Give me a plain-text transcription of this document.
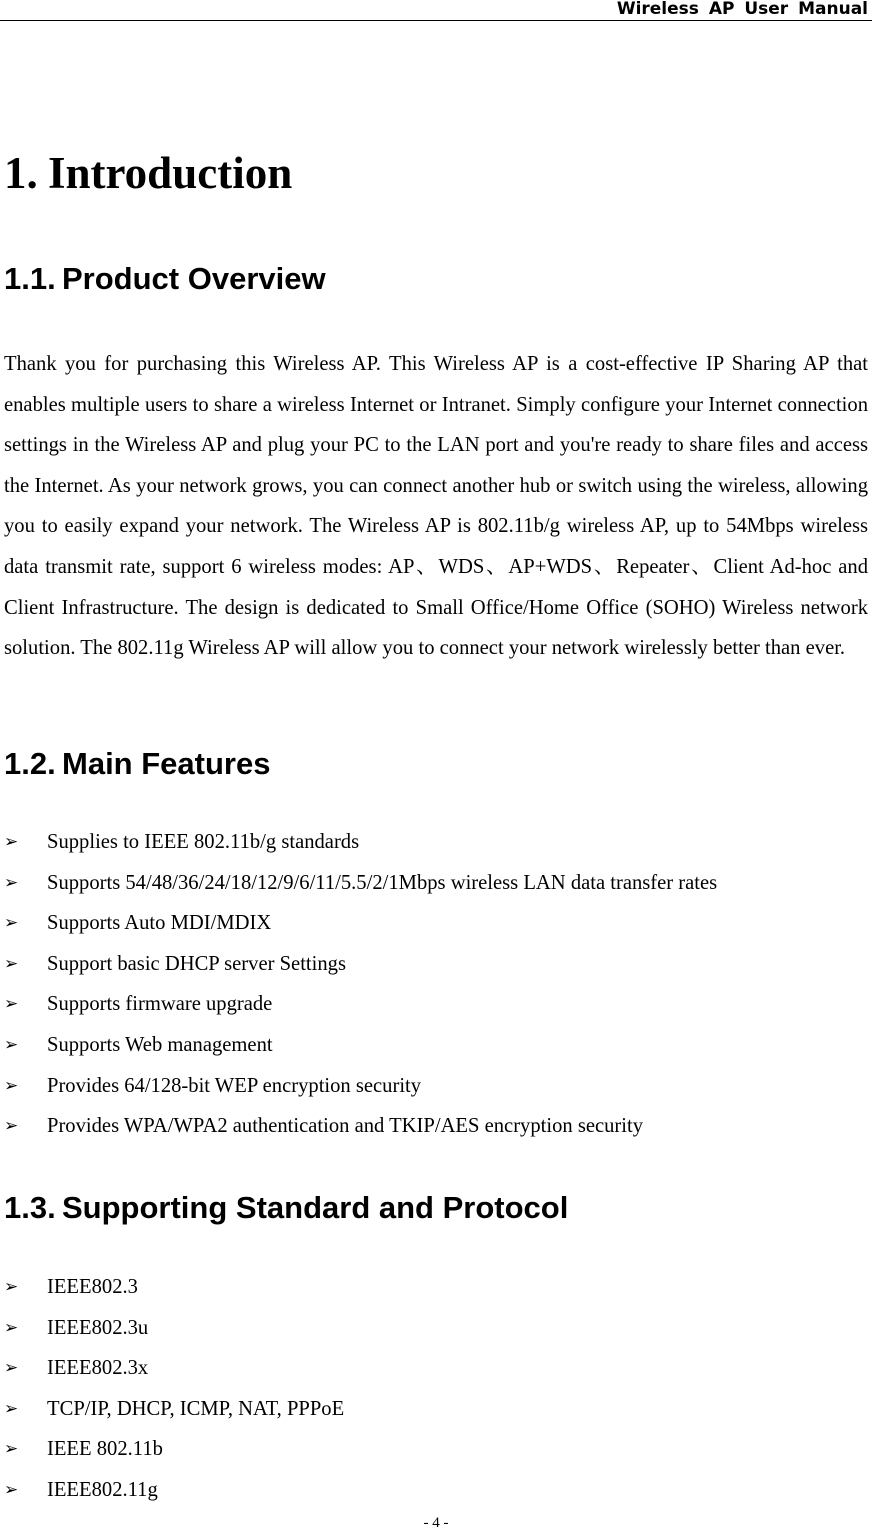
Wireless AP User Manual
1. Introduction
1.1. Product Overview
Thank you for purchasing this Wireless AP. This Wireless AP is a cost-effective IP Sharing AP that enables multiple users to share a wireless Internet or Intranet. Simply configure your Internet connection settings in the Wireless AP and plug your PC to the LAN port and you're ready to share files and access the Internet. As your network grows, you can connect another hub or switch using the wireless, allowing you to easily expand your network. The Wireless AP is 802.11b/g wireless AP, up to 54Mbps wireless data transmit rate, support 6 wireless modes: AP、WDS、AP+WDS、Repeater、Client Ad-hoc and Client Infrastructure. The design is dedicated to Small Office/Home Office (SOHO) Wireless network solution. The 802.11g Wireless AP will allow you to connect your network wirelessly better than ever.
1.2. Main Features
➢ Supplies to IEEE 802.11b/g standards
➢ Supports 54/48/36/24/18/12/9/6/11/5.5/2/1Mbps wireless LAN data transfer rates
➢ Supports Auto MDI/MDIX
➢ Support basic DHCP server Settings
➢ Supports firmware upgrade
➢ Supports Web management
➢ Provides 64/128-bit WEP encryption security
➢ Provides WPA/WPA2 authentication and TKIP/AES encryption security
1.3. Supporting Standard and Protocol
➢ IEEE802.3
➢ IEEE802.3u
➢ IEEE802.3x
➢ TCP/IP, DHCP, ICMP, NAT, PPPoE
➢ IEEE 802.11b
➢ IEEE802.11g
- 4 -
